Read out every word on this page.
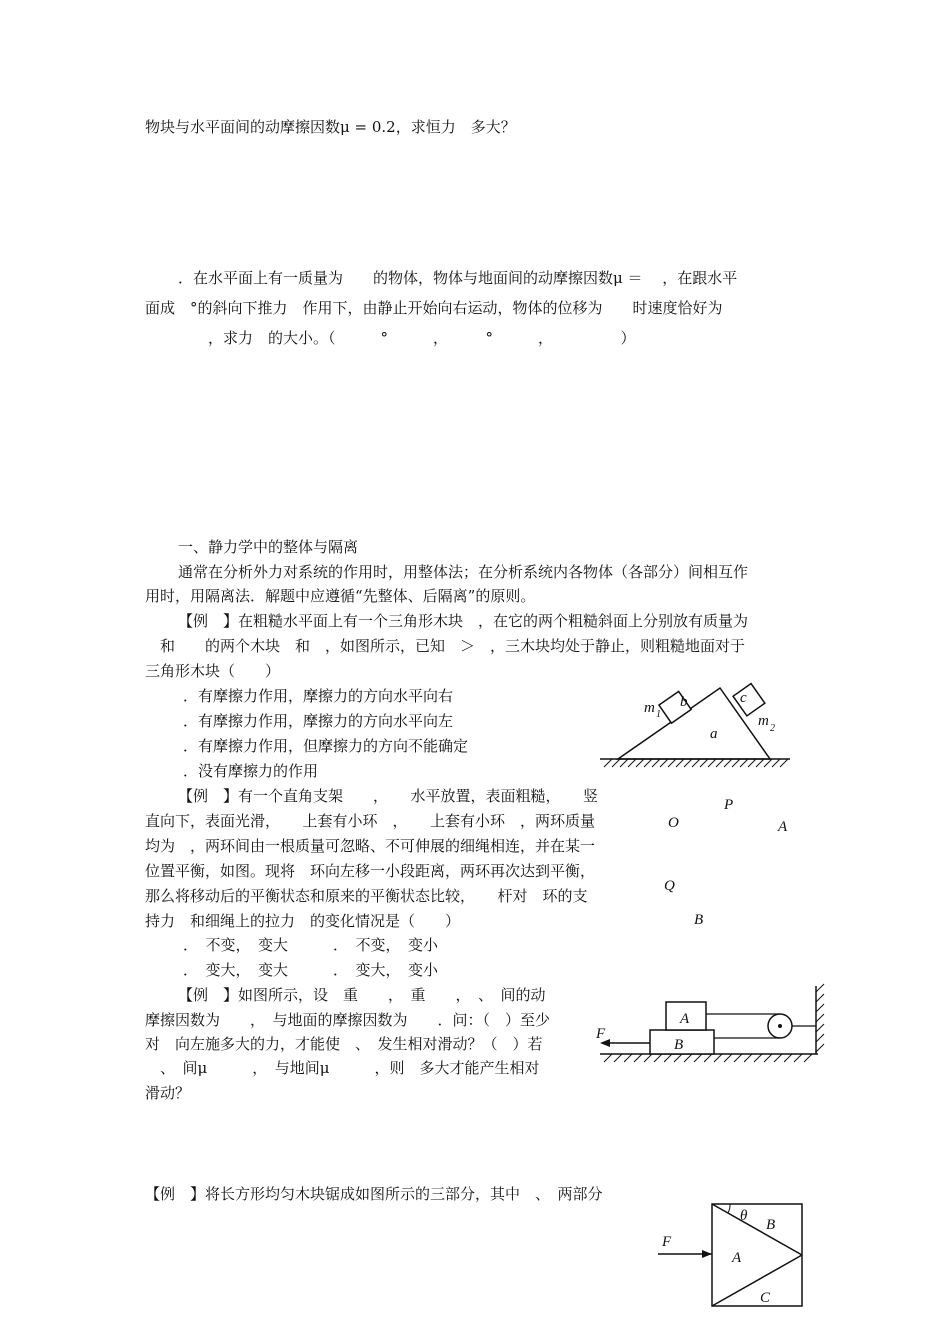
物块与水平面间的动摩擦因数μ = 0.2，求恒力　多大？
．在水平面上有一质量为　　的物体，物体与地面间的动摩擦因数μ ＝　 ，在跟水平
面成　°的斜向下推力　作用下，由静止开始向右运动，物体的位移为　　时速度恰好为
　　，求力　的大小。（　　　°　　　，　　　°　　　，　　　　　）
一、静力学中的整体与隔离
通常在分析外力对系统的作用时，用整体法；在分析系统内各物体（各部分）间相互作
用时，用隔离法．解题中应遵循“先整体、后隔离”的原则。
【例　】在粗糙水平面上有一个三角形木块　，在它的两个粗糙斜面上分别放有质量为
　和　　的两个木块　和　，如图所示，已知　＞　，三木块均处于静止，则粗糙地面对于
三角形木块（　　）
．有摩擦力作用，摩擦力的方向水平向右
．有摩擦力作用，摩擦力的方向水平向左
．有摩擦力作用，但摩擦力的方向不能确定
．没有摩擦力的作用
b	c
a
m 1	m 2
【例　】有一个直角支架　　，　　水平放置，表面粗糙，　　竖
直向下，表面光滑，　　上套有小环　，　　上套有小环　，两环质量
均为　，两环间由一根质量可忽略、不可伸展的细绳相连，并在某一
位置平衡，如图。现将　环向左移一小段距离，两环再次达到平衡，
那么将移动后的平衡状态和原来的平衡状态比较，　　杆对　环的支
持力　和细绳上的拉力　的变化情况是（　　）
．　不变，　变大　　　．　不变，　变小
．　变大，　变大　　　．　变大，　变小
P
O	A
Q
B
【例　】如图所示，设　重　　，　重　　，　、　间的动
摩擦因数为　　，　与地面的摩擦因数为　　．问：（　）至少
对　向左施多大的力，才能使　、　发生相对滑动？（　）若
　、　间μ　　　，　与地间μ　　　，则　多大才能产生相对
滑动？
A
B
F
【例　】将长方形均匀木块锯成如图所示的三部分，其中　、　两部分
θ
B
A
C
F
